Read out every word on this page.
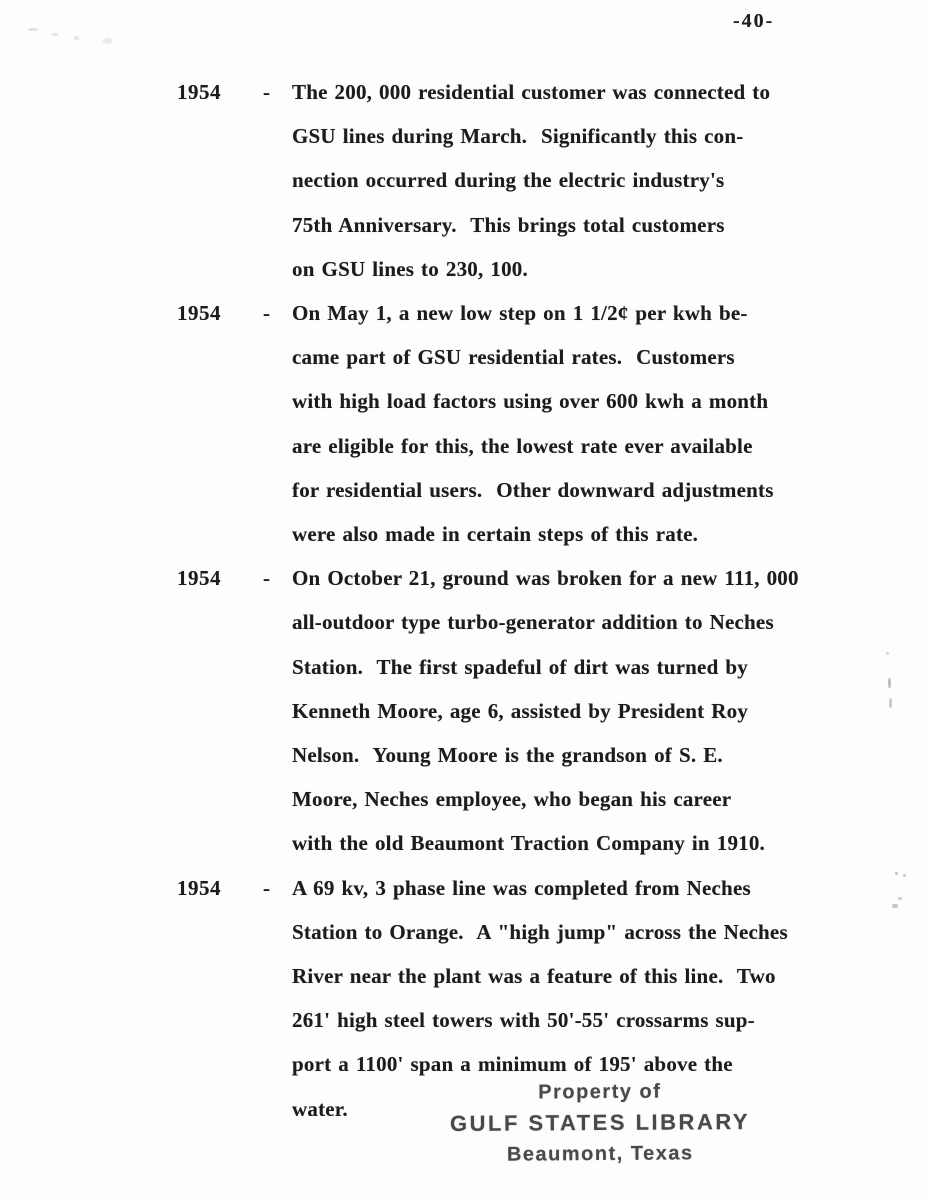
-40-
1954 - The 200, 000 residential customer was connected to
GSU lines during March.  Significantly this con-
nection occurred during the electric industry's
75th Anniversary.  This brings total customers
on GSU lines to 230, 100.
1954 - On May 1, a new low step on 1 1/2¢ per kwh be-
came part of GSU residential rates.  Customers
with high load factors using over 600 kwh a month
are eligible for this, the lowest rate ever available
for residential users.  Other downward adjustments
were also made in certain steps of this rate.
1954 - On October 21, ground was broken for a new 111, 000
all-outdoor type turbo-generator addition to Neches
Station.  The first spadeful of dirt was turned by
Kenneth Moore, age 6, assisted by President Roy
Nelson.  Young Moore is the grandson of S. E.
Moore, Neches employee, who began his career
with the old Beaumont Traction Company in 1910.
1954 - A 69 kv, 3 phase line was completed from Neches
Station to Orange.  A "high jump" across the Neches
River near the plant was a feature of this line.  Two
261' high steel towers with 50'-55' crossarms sup-
port a 1100' span a minimum of 195' above the
water.
Property of
GULF STATES LIBRARY
Beaumont, Texas
